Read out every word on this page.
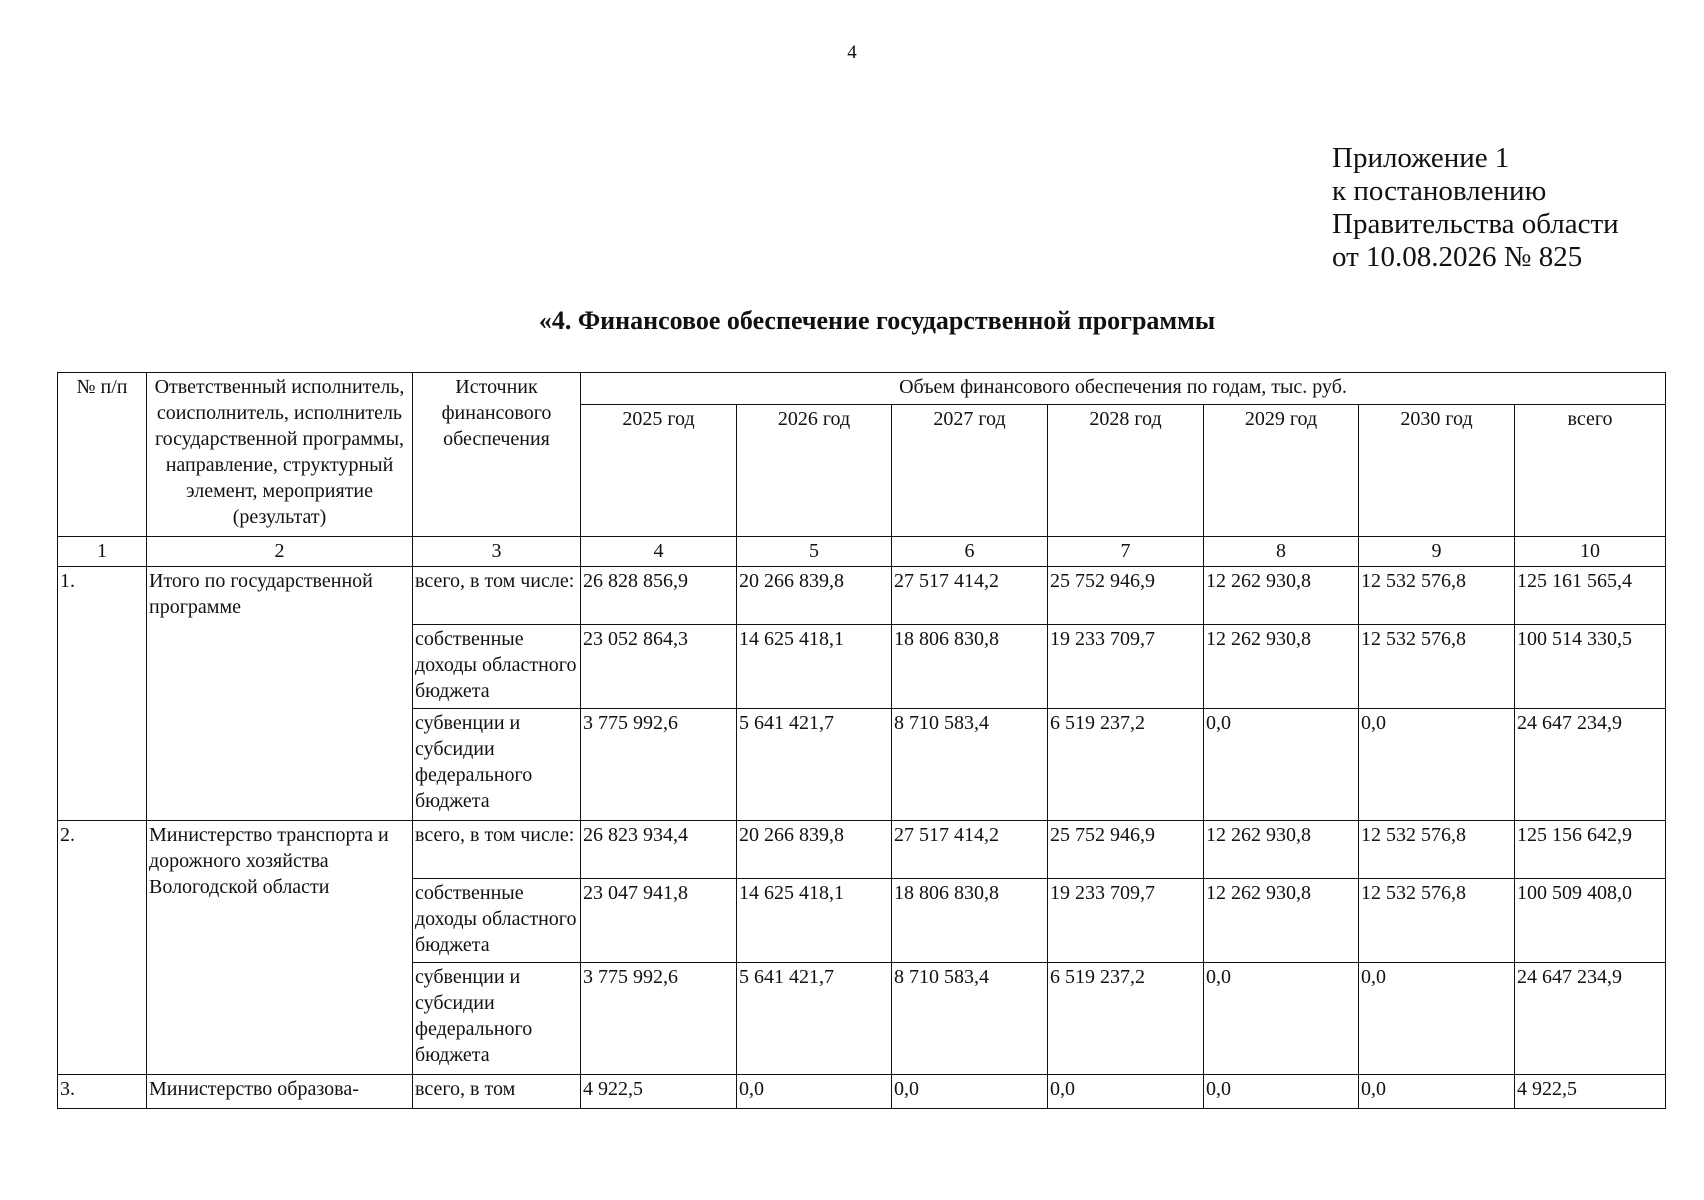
4
Приложение 1
к постановлению
Правительства области
от 10.08.2026 № 825
«4. Финансовое обеспечение государственной программы
№ п/п	Ответственный исполнитель, соисполнитель, исполнитель государственной программы, направление, структурный элемент, мероприятие (результат)	Источник финансового обеспечения	Объем финансового обеспечения по годам, тыс. руб.						
			2025 год	2026 год	2027 год	2028 год	2029 год	2030 год	всего
1	2	3	4	5	6	7	8	9	10
1.	Итого по государственной программе	всего, в том числе:	26 828 856,9	20 266 839,8	27 517 414,2	25 752 946,9	12 262 930,8	12 532 576,8	125 161 565,4
		собственные доходы областного бюджета	23 052 864,3	14 625 418,1	18 806 830,8	19 233 709,7	12 262 930,8	12 532 576,8	100 514 330,5
		субвенции и субсидии федерального бюджета	3 775 992,6	5 641 421,7	8 710 583,4	6 519 237,2	0,0	0,0	24 647 234,9
2.	Министерство транспорта и дорожного хозяйства Вологодской области	всего, в том числе:	26 823 934,4	20 266 839,8	27 517 414,2	25 752 946,9	12 262 930,8	12 532 576,8	125 156 642,9
		собственные доходы областного бюджета	23 047 941,8	14 625 418,1	18 806 830,8	19 233 709,7	12 262 930,8	12 532 576,8	100 509 408,0
		субвенции и субсидии федерального бюджета	3 775 992,6	5 641 421,7	8 710 583,4	6 519 237,2	0,0	0,0	24 647 234,9
3.	Министерство образова-	всего, в том	4 922,5	0,0	0,0	0,0	0,0	0,0	4 922,5
